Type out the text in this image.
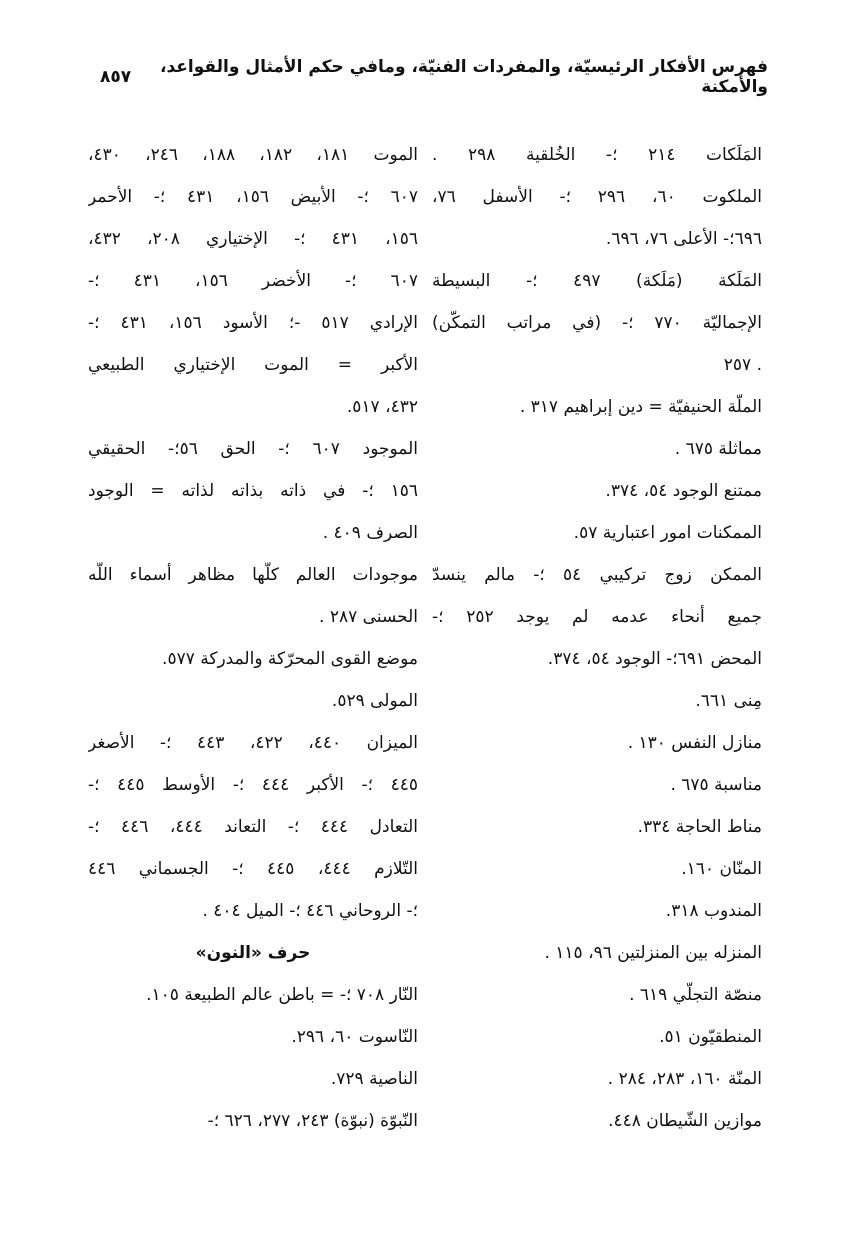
فهرس الأفكار الرئيسيّة، والمفردات الفنيّة، ومافي حكم الأمثال والقواعد، والأمكنة
٨٥٧
المَلَكات ٢١٤ ؛- الخُلقية ٢٩٨ .
الملكوت ٦٠، ٢٩٦ ؛- الأسفل ٧٦،
٦٩٦؛- الأعلى ٧٦، ٦٩٦.
المَلَكة (مَلَكة) ٤٩٧ ؛- البسيطة
الإجماليّة ٧٧٠ ؛- (في مراتب التمكّن)
. ٢٥٧
الملّة الحنيفيّة = دين إبراهيم ٣١٧ .
مماثلة ٦٧٥ .
ممتنع الوجود ٥٤، ٣٧٤.
الممكنات امور اعتبارية ٥٧.
الممكن زوج تركيبي ٥٤ ؛- مالم ينسدّ
جميع أنحاء عدمه لم يوجد ٢٥٢ ؛-
المحض ٦٩١؛- الوجود ٥٤، ٣٧٤.
مِنى ٦٦١.
منازل النفس ١٣٠ .
مناسبة ٦٧٥ .
مناط الحاجة ٣٣٤.
المنّان ١٦٠.
المندوب ٣١٨.
المنزله بين المنزلتين ٩٦، ١١٥ .
منصّة التجلّي ٦١٩ .
المنطقيّون ٥١.
المنّة ١٦٠، ٢٨٣، ٢٨٤ .
موازين الشّيطان ٤٤٨.
الموت ١٨١، ١٨٢، ١٨٨، ٢٤٦، ٤٣٠،
٦٠٧ ؛- الأبيض ١٥٦، ٤٣١ ؛- الأحمر
١٥٦، ٤٣١ ؛- الإختياري ٢٠٨، ٤٣٢،
٦٠٧ ؛- الأخضر ١٥٦، ٤٣١ ؛-
الإرادي ٥١٧ -؛ الأسود ١٥٦، ٤٣١ ؛-
الأكبر = الموت الإختياري الطبيعي
٤٣٢، ٥١٧.
الموجود ٦٠٧ ؛- الحق ٥٦؛- الحقيقي
١٥٦ ؛- في ذاته بذاته لذاته = الوجود
الصرف ٤٠٩ .
موجودات العالم كلّها مظاهر أسماء اللّه
الحسنى ٢٨٧ .
موضع القوى المحرّكة والمدركة ٥٧٧.
المولى ٥٢٩.
الميزان ٤٤٠، ٤٢٢، ٤٤٣ ؛- الأصغر
٤٤٥ ؛- الأكبر ٤٤٤ ؛- الأوسط ٤٤٥ ؛-
التعادل ٤٤٤ ؛- التعاند ٤٤٤، ٤٤٦ ؛-
التّلازم ٤٤٤، ٤٤٥ ؛- الجسماني ٤٤٦
؛- الروحاني ٤٤٦ ؛- الميل ٤٠٤ .
حرف «النون»
النّار ٧٠٨ ؛- = باطن عالم الطبيعة ١٠٥.
النّاسوت ٦٠، ٢٩٦.
الناصية ٧٢٩.
النّبوّة (نبوّة) ٢٤٣، ٢٧٧، ٦٢٦ ؛-
